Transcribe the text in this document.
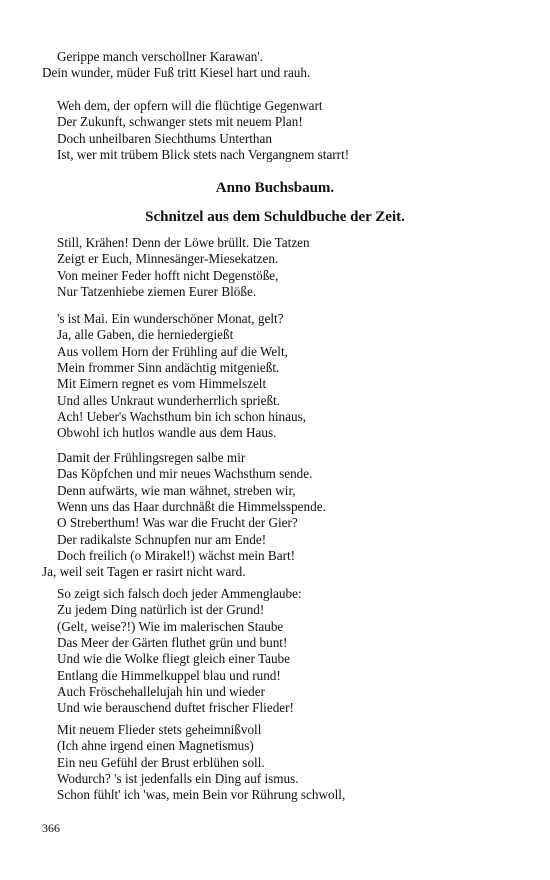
Gerippe manch verschollner Karawan'.
Dein wunder, müder Fuß tritt Kiesel hart und rauh.
Weh dem, der opfern will die flüchtige Gegenwart
Der Zukunft, schwanger stets mit neuem Plan!
Doch unheilbaren Siechthums Unterthan
Ist, wer mit trübem Blick stets nach Vergangnem starrt!
Still, Krähen! Denn der Löwe brüllt. Die Tatzen
Zeigt er Euch, Minnesänger-Miesekatzen.
Von meiner Feder hofft nicht Degenstöße,
Nur Tatzenhiebe ziemen Eurer Blöße.
's ist Mai. Ein wunderschöner Monat, gelt?
Ja, alle Gaben, die herniedergießt
Aus vollem Horn der Frühling auf die Welt,
Mein frommer Sinn andächtig mitgenießt.
Mit Eimern regnet es vom Himmelszelt
Und alles Unkraut wunderherrlich sprießt.
Ach! Ueber's Wachsthum bin ich schon hinaus,
Obwohl ich hutlos wandle aus dem Haus.
Damit der Frühlingsregen salbe mir
Das Köpfchen und mir neues Wachsthum sende.
Denn aufwärts, wie man wähnet, streben wir,
Wenn uns das Haar durchnäßt die Himmelsspende.
O Streberthum! Was war die Frucht der Gier?
Der radikalste Schnupfen nur am Ende!
Doch freilich (o Mirakel!) wächst mein Bart!
Ja, weil seit Tagen er rasirt nicht ward.
So zeigt sich falsch doch jeder Ammenglaube:
Zu jedem Ding natürlich ist der Grund!
(Gelt, weise?!) Wie im malerischen Staube
Das Meer der Gärten fluthet grün und bunt!
Und wie die Wolke fliegt gleich einer Taube
Entlang die Himmelkuppel blau und rund!
Auch Fröschehallelujah hin und wieder
Und wie berauschend duftet frischer Flieder!
Mit neuem Flieder stets geheimnißvoll
(Ich ahne irgend einen Magnetismus)
Ein neu Gefühl der Brust erblühen soll.
Wodurch? 's ist jedenfalls ein Ding auf ismus.
Schon fühlt' ich 'was, mein Bein vor Rührung schwoll,
Anno Buchsbaum.
Schnitzel aus dem Schuldbuche der Zeit.
366
